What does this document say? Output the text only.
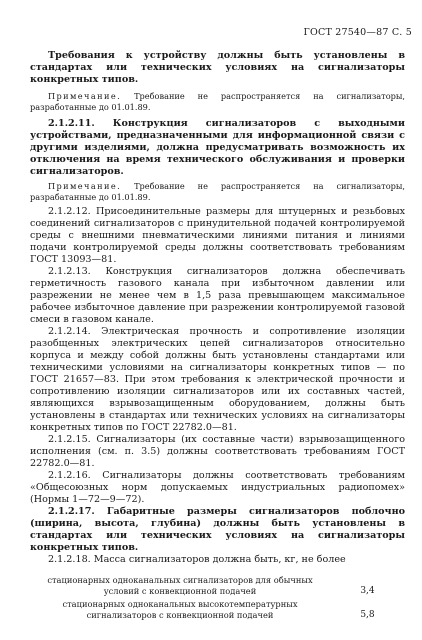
ГОСТ 27540—87 С. 5

Требования к устройству должны быть установлены в стандартах или технических условиях на сигнализаторы конкретных типов.

Примечание. Требование не распространяется на сигнализаторы, разработанные до 01.01.89.

2.1.2.11. Конструкция сигнализаторов с выходными устройствами, предназначенными для информационной связи с другими изделиями, должна предусматривать возможность их отключения на время технического обслуживания и проверки сигнализаторов.

Примечание. Требование не распространяется на сигнализаторы, разрабатанные до 01.01.89.

2.1.2.12. Присоединительные размеры для штуцерных и резьбовых соединений сигнализаторов с принудительной подачей контролируемой среды с внешними пневматическими линиями питания и линиями подачи контролируемой среды должны соответствовать требованиям ГОСТ 13093—81.

2.1.2.13. Конструкция сигнализаторов должна обеспечивать герметичность газового канала при избыточном давлении или разрежении не менее чем в 1,5 раза превышающем максимальное рабочее избыточное давление при разрежении контролируемой газовой смеси в газовом канале.

2.1.2.14. Электрическая прочность и сопротивление изоляции разобщенных электрических цепей сигнализаторов относительно корпуса и между собой должны быть установлены стандартами или техническими условиями на сигнализаторы конкретных типов — по ГОСТ 21657—83. При этом требования к электрической прочности и сопротивлению изоляции сигнализаторов или их составных частей, являющихся взрывозащищенным оборудованием, должны быть установлены в стандартах или технических условиях на сигнализаторы конкретных типов по ГОСТ 22782.0—81.

2.1.2.15. Сигнализаторы (их составные части) взрывозащищенного исполнения (см. п. 3.5) должны соответствовать требованиям ГОСТ 22782.0—81.

2.1.2.16. Сигнализаторы должны соответствовать требованиям «Общесоюзных норм допускаемых индустриальных радиопомех» (Нормы 1—72—9—72).

2.1.2.17. Габаритные размеры сигнализаторов поблочно (ширина, высота, глубина) должны быть установлены в стандартах или технических условиях на сигнализаторы конкретных типов.

2.1.2.18. Масса сигнализаторов должна быть, кг, не более

стационарных одноканальных сигнализаторов для обычных условий с конвекционной подачей	3,4
стационарных одноканальных высокотемпературных сигнализаторов с конвекционной подачей	5,8
